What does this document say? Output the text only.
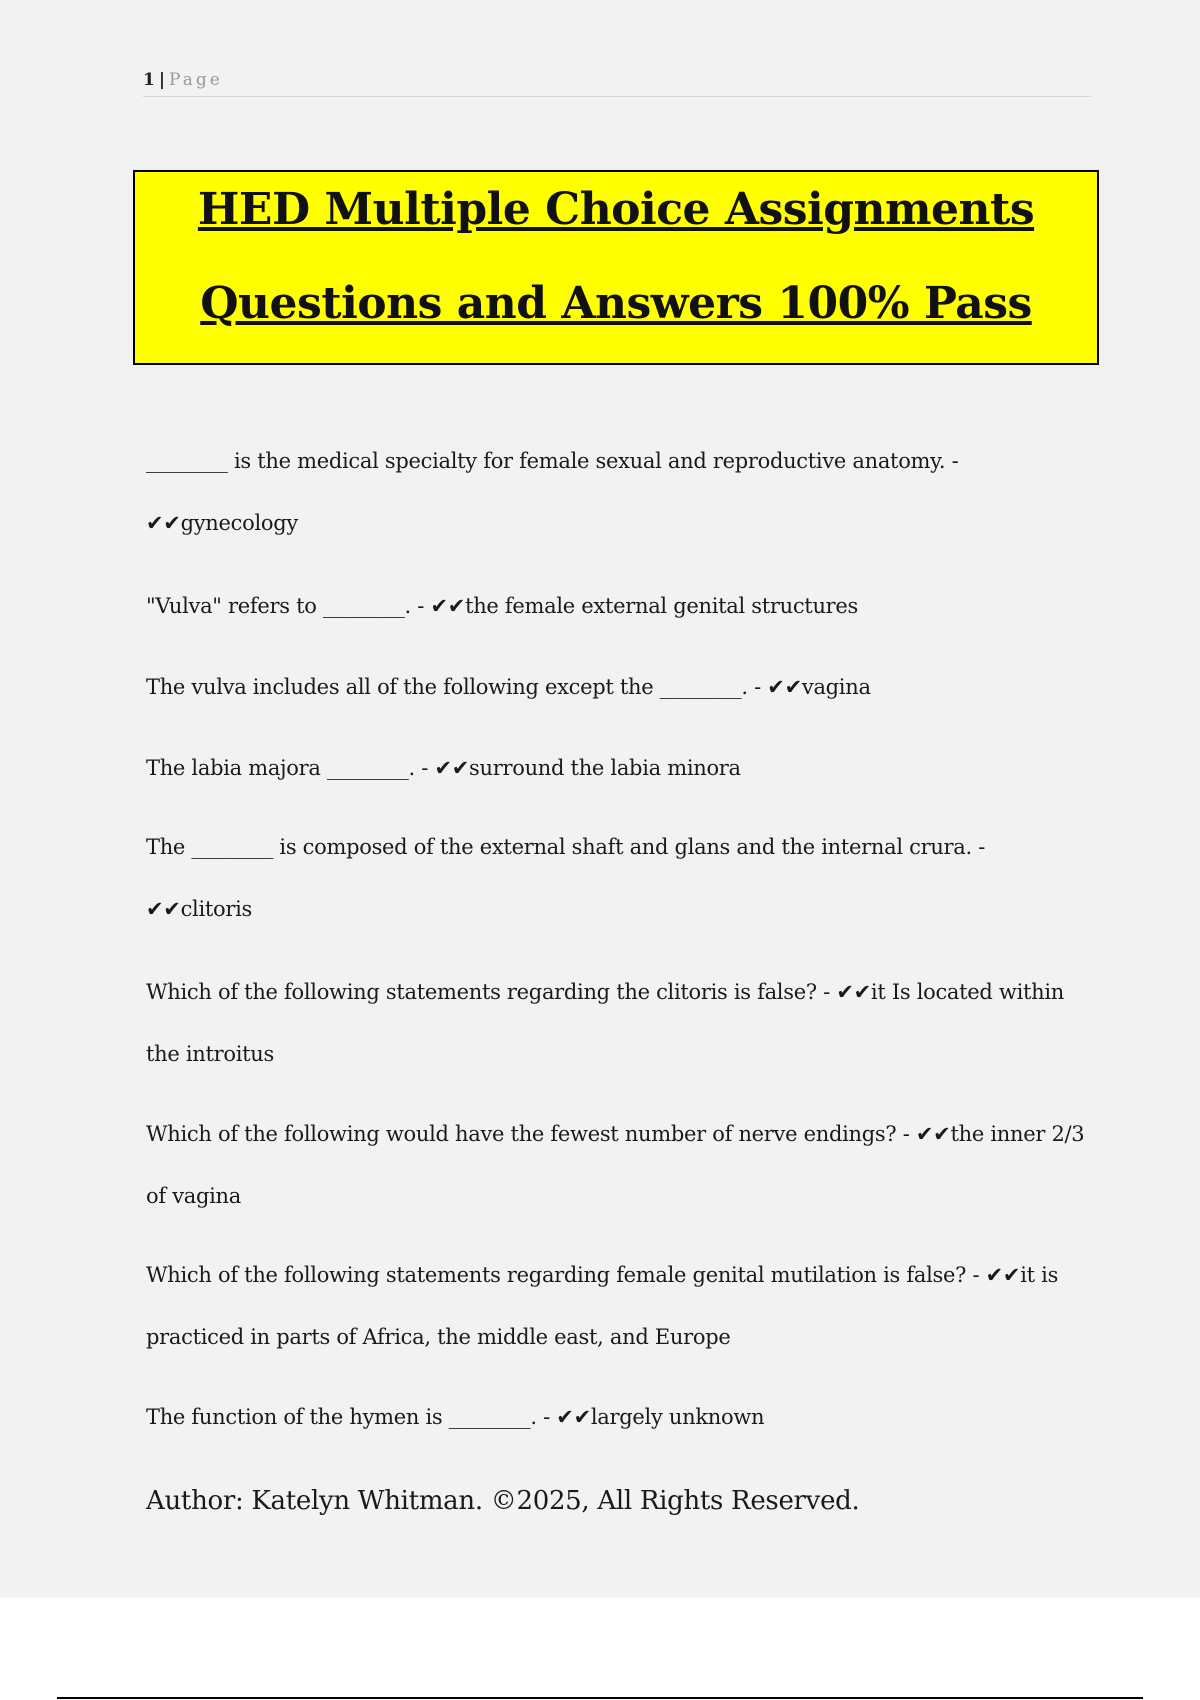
1 | Page
HED Multiple Choice Assignments
Questions and Answers 100% Pass

________ is the medical specialty for female sexual and reproductive anatomy. - ✔✔gynecology

"Vulva" refers to ________. - ✔✔the female external genital structures

The vulva includes all of the following except the ________. - ✔✔vagina

The labia majora ________. - ✔✔surround the labia minora

The ________ is composed of the external shaft and glans and the internal crura. - ✔✔clitoris

Which of the following statements regarding the clitoris is false? - ✔✔it Is located within the introitus

Which of the following would have the fewest number of nerve endings? - ✔✔the inner 2/3 of vagina

Which of the following statements regarding female genital mutilation is false? - ✔✔it is practiced in parts of Africa, the middle east, and Europe

The function of the hymen is ________. - ✔✔largely unknown

Author: Katelyn Whitman. ©2025, All Rights Reserved.
